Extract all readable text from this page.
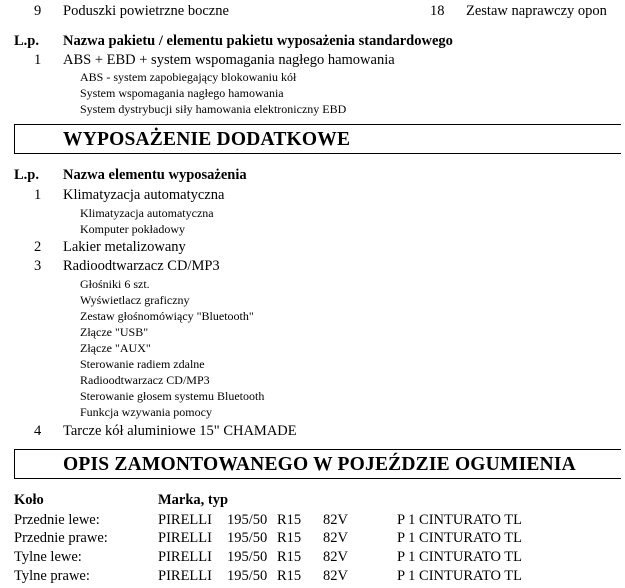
9 Poduszki powietrzne boczne	18 Zestaw naprawczy opon
L.p. Nazwa pakietu / elementu pakietu wyposażenia standardowego
1 ABS + EBD + system wspomagania nagłego hamowania
ABS - system zapobiegający blokowaniu kół
System wspomagania nagłego hamowania
System dystrybucji siły hamowania elektroniczny EBD
WYPOSAŻENIE DODATKOWE
L.p. Nazwa elementu wyposażenia
1 Klimatyzacja automatyczna
Klimatyzacja automatyczna
Komputer pokładowy
2 Lakier metalizowany
3 Radioodtwarzacz CD/MP3
Głośniki 6 szt.
Wyświetlacz graficzny
Zestaw głośnomówiący "Bluetooth"
Złącze "USB"
Złącze "AUX"
Sterowanie radiem zdalne
Radioodtwarzacz CD/MP3
Sterowanie głosem systemu Bluetooth
Funkcja wzywania pomocy
4 Tarcze kół aluminiowe 15" CHAMADE
OPIS ZAMONTOWANEGO W POJEŹDZIE OGUMIENIA
Koło	Marka, typ
Przednie lewe:	PIRELLI 195/50 R15 82V	P 1 CINTURATO TL
Przednie prawe:	PIRELLI 195/50 R15 82V	P 1 CINTURATO TL
Tylne lewe:	PIRELLI 195/50 R15 82V	P 1 CINTURATO TL
Tylne prawe:	PIRELLI 195/50 R15 82V	P 1 CINTURATO TL
